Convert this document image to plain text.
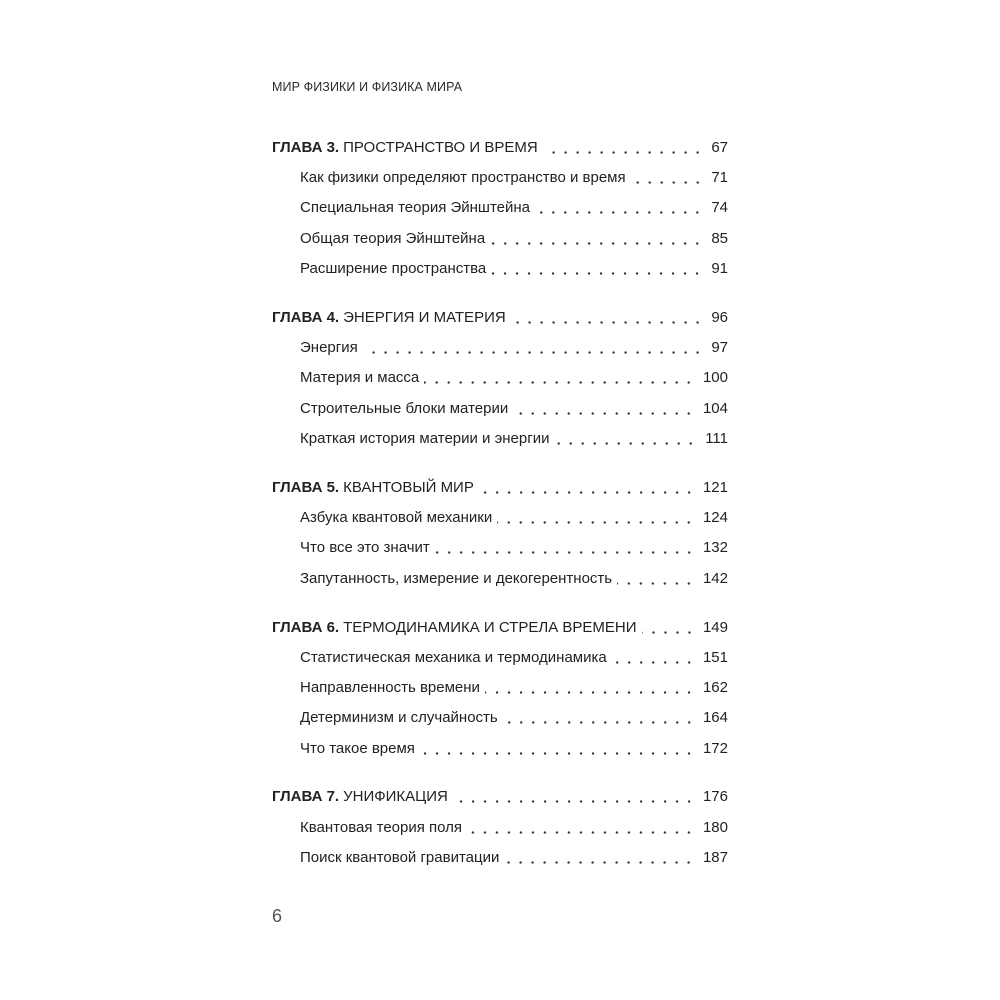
МИР ФИЗИКИ И ФИЗИКА МИРА
ГЛАВА 3. ПРОСТРАНСТВО И ВРЕМЯ	67
Как физики определяют пространство и время	71
Специальная теория Эйнштейна	74
Общая теория Эйнштейна	85
Расширение пространства	91
ГЛАВА 4. ЭНЕРГИЯ И МАТЕРИЯ	96
Энергия	97
Материя и масса	100
Строительные блоки материи	104
Краткая история материи и энергии	111
ГЛАВА 5. КВАНТОВЫЙ МИР	121
Азбука квантовой механики	124
Что все это значит	132
Запутанность, измерение и декогерентность	142
ГЛАВА 6. ТЕРМОДИНАМИКА И СТРЕЛА ВРЕМЕНИ	149
Статистическая механика и термодинамика	151
Направленность времени	162
Детерминизм и случайность	164
Что такое время	172
ГЛАВА 7. УНИФИКАЦИЯ	176
Квантовая теория поля	180
Поиск квантовой гравитации	187
6
